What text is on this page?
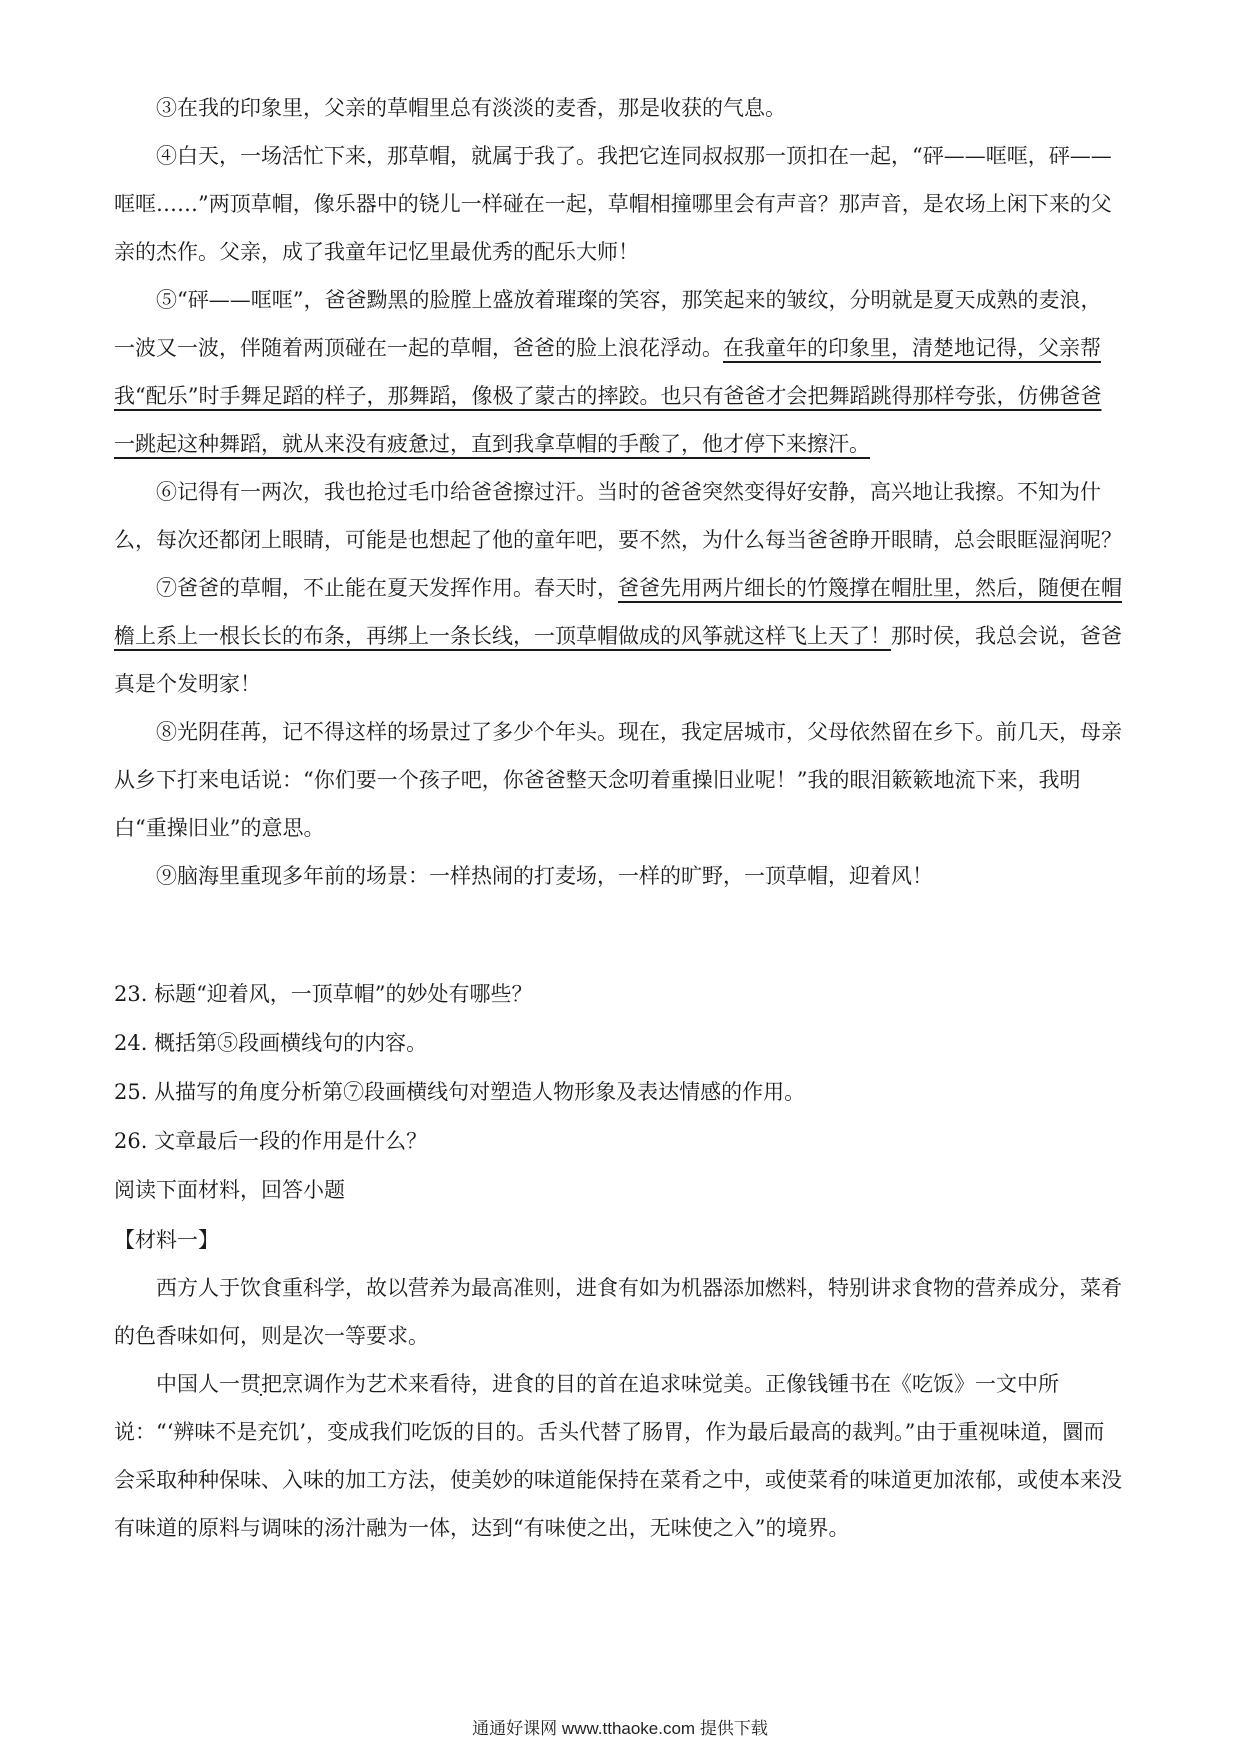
③在我的印象里，父亲的草帽里总有淡淡的麦香，那是收获的气息。

④白天，一场活忙下来，那草帽，就属于我了。我把它连同叔叔那一顶扣在一起，“砰——哐哐，砰——哐哐……”两顶草帽，像乐器中的铙儿一样碰在一起，草帽相撞哪里会有声音？那声音，是农场上闲下来的父亲的杰作。父亲，成了我童年记忆里最优秀的配乐大师！

⑤“砰——哐哐”，爸爸黝黑的脸膛上盛放着璀璨的笑容，那笑起来的皱纹，分明就是夏天成熟的麦浪，一波又一波，伴随着两顶碰在一起的草帽，爸爸的脸上浪花浮动。在我童年的印象里，清楚地记得，父亲帮我“配乐”时手舞足蹈的样子，那舞蹈，像极了蒙古的摔跤。也只有爸爸才会把舞蹈跳得那样夸张，仿佛爸爸一跳起这种舞蹈，就从来没有疲惫过，直到我拿草帽的手酸了，他才停下来擦汗。

⑥记得有一两次，我也抢过毛巾给爸爸擦过汗。当时的爸爸突然变得好安静，高兴地让我擦。不知为什么，每次还都闭上眼睛，可能是也想起了他的童年吧，要不然，为什么每当爸爸睁开眼睛，总会眼眶湿润呢？

⑦爸爸的草帽，不止能在夏天发挥作用。春天时，爸爸先用两片细长的竹篾撑在帽肚里，然后，随便在帽檐上系上一根长长的布条，再绑上一条长线，一顶草帽做成的风筝就这样飞上天了！那时侯，我总会说，爸爸真是个发明家！

⑧光阴荏苒，记不得这样的场景过了多少个年头。现在，我定居城市，父母依然留在乡下。前几天，母亲从乡下打来电话说：“你们要一个孩子吧，你爸爸整天念叨着重操旧业呢！”我的眼泪簌簌地流下来，我明白“重操旧业”的意思。

⑨脑海里重现多年前的场景：一样热闹的打麦场，一样的旷野，一顶草帽，迎着风！

23. 标题“迎着风，一顶草帽”的妙处有哪些？

24. 概括第⑤段画横线句的内容。

25. 从描写的角度分析第⑦段画横线句对塑造人物形象及表达情感的作用。

26. 文章最后一段的作用是什么？

阅读下面材料，回答小题

【材料一】

西方人于饮食重科学，故以营养为最高准则，进食有如为机器添加燃料，特别讲求食物的营养成分，菜肴的色香味如何，则是次一等要求。

中国人一贯把烹调作为艺术来看待，进食的目的首在追求味觉美。正像钱锺书在《吃饭》一文中所说：“‘辨味不是充饥’，变成我们吃饭的目的。舌头代替了肠胃，作为最后最高的裁判。”由于重视味道，圜而会采取种种保味、入味的加工方法，使美妙的味道能保持在菜肴之中，或使菜肴的味道更加浓郁，或使本来没有味道的原料与调味的汤汁融为一体，达到“有味使之出，无味使之入”的境界。

通通好课网 www.tthaoke.com 提供下载
